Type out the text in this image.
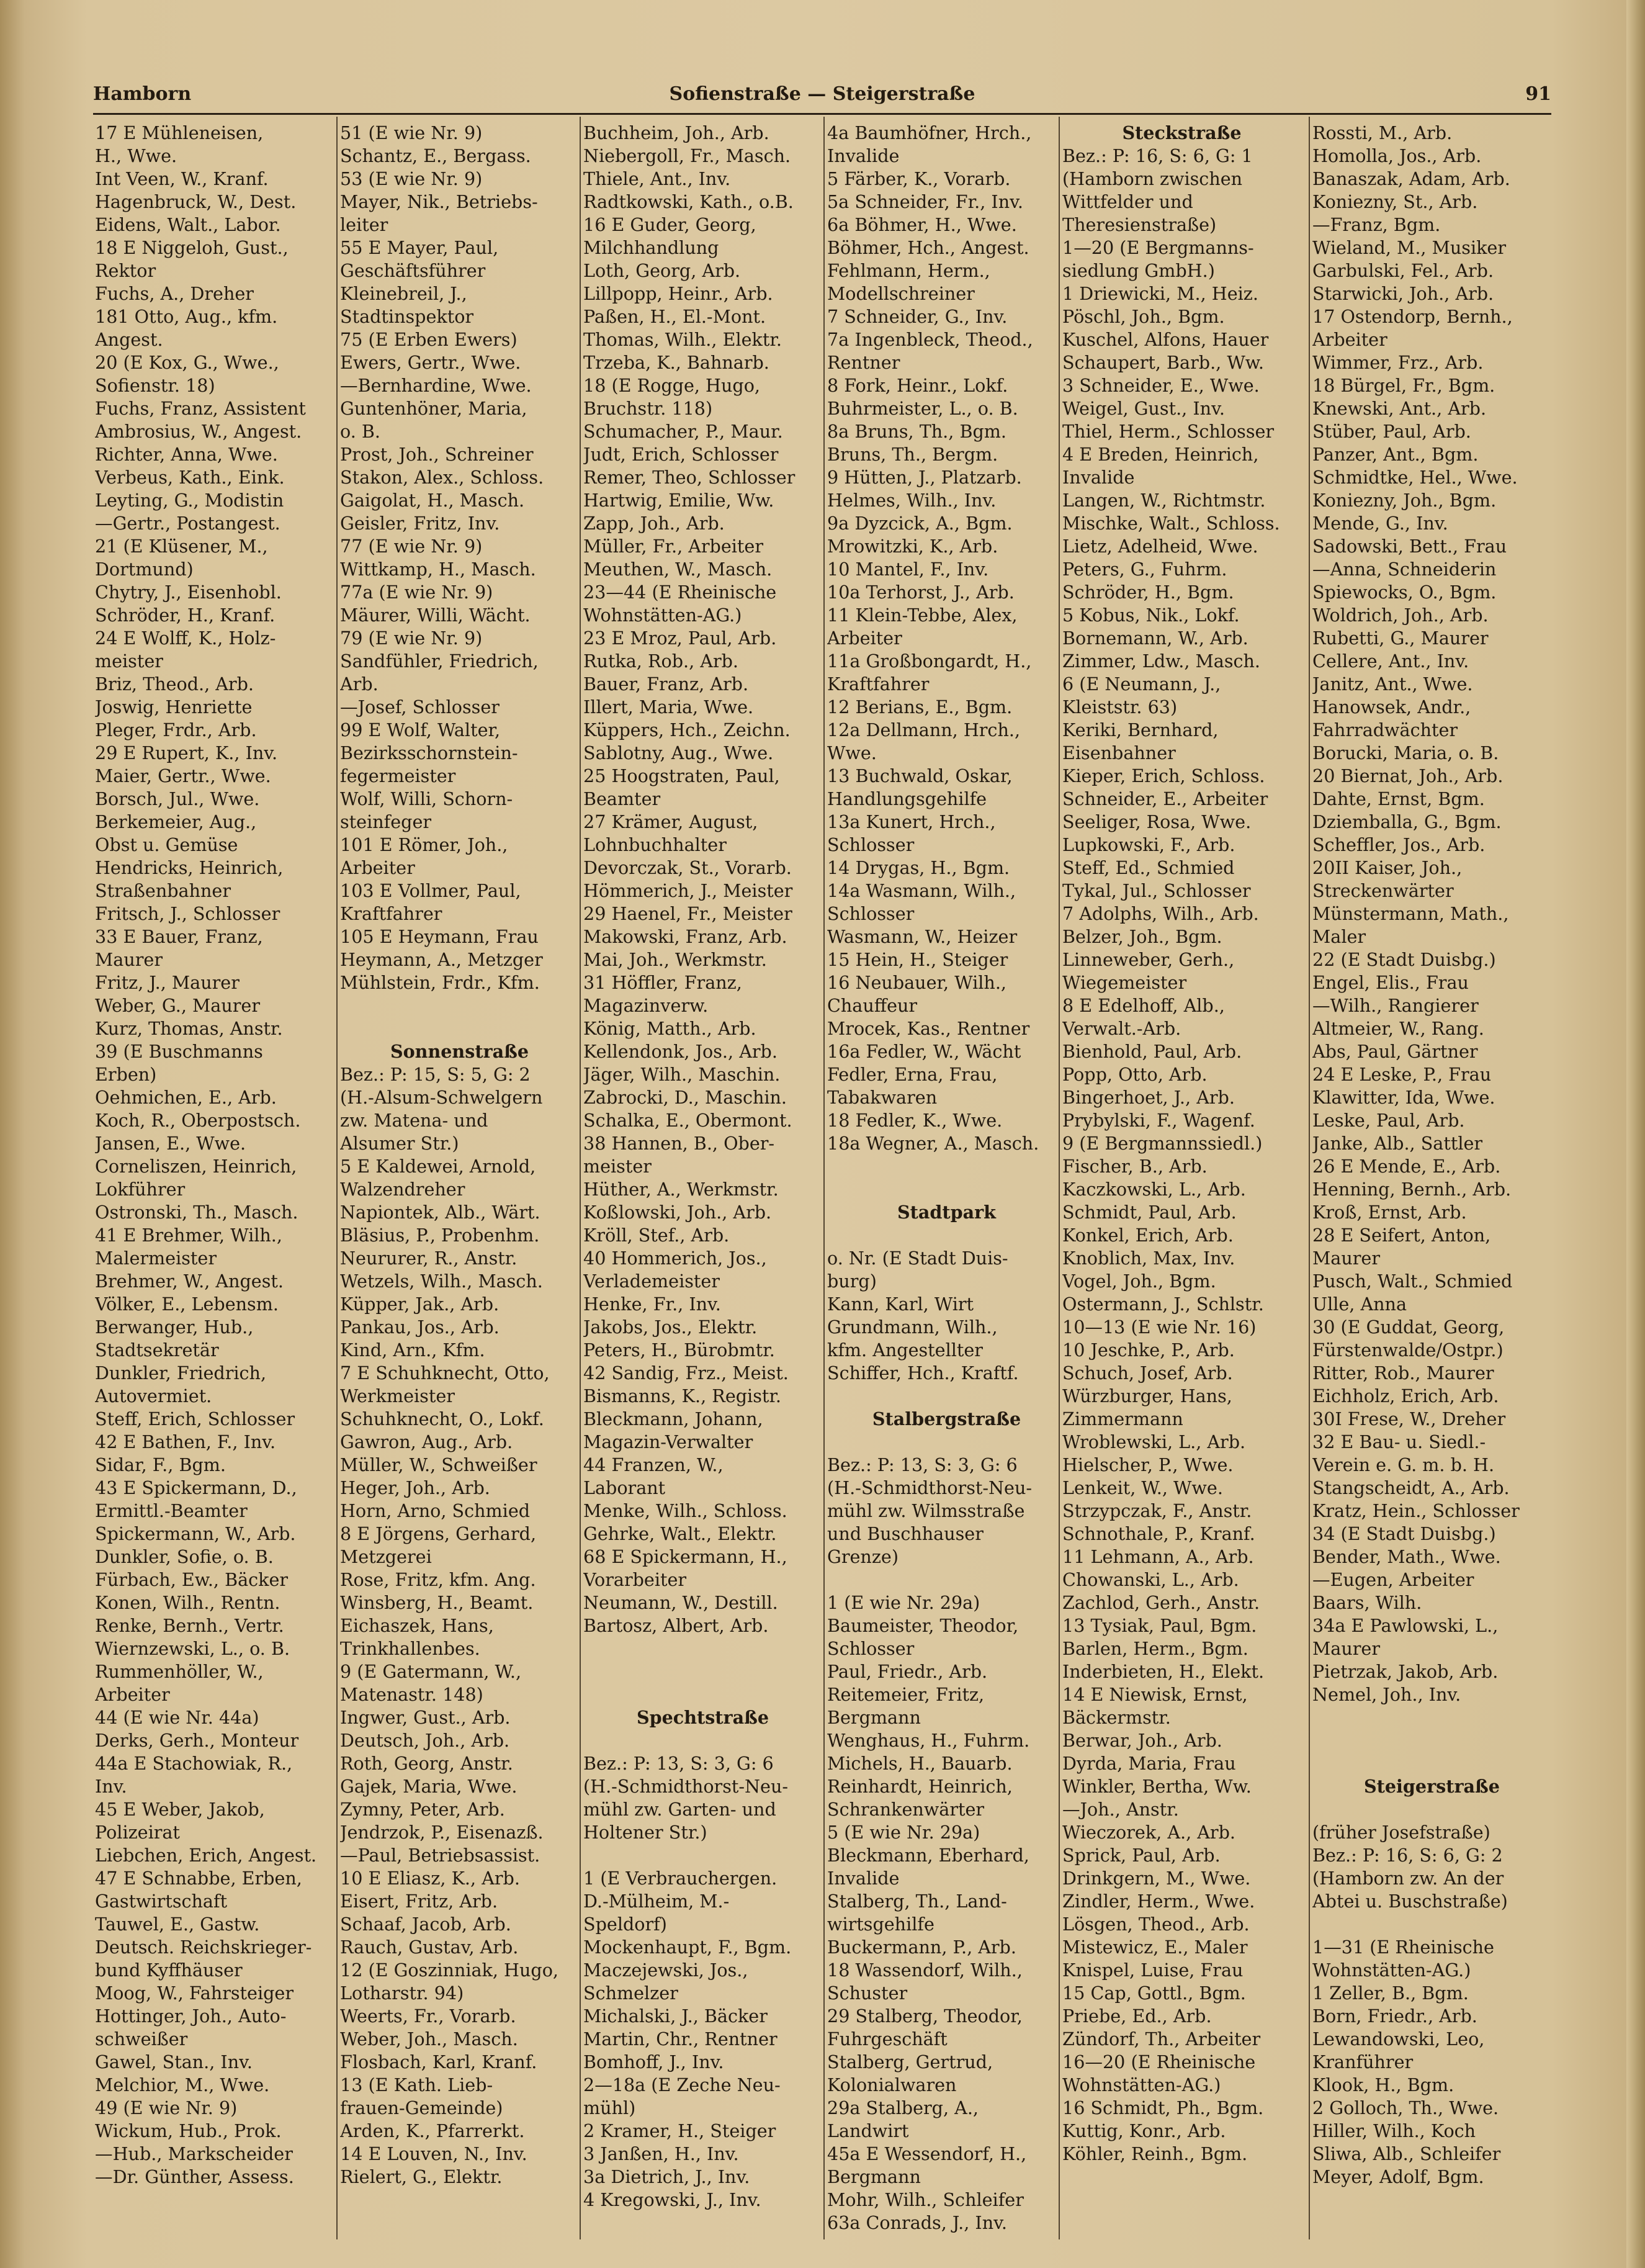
Hamborn	Sofienstraße — Steigerstraße	91
17 E Mühleneisen,
H., Wwe.
Int Veen, W., Kranf.
Hagenbruck, W., Dest.
Eidens, Walt., Labor.
18 E Niggeloh, Gust.,
Rektor
Fuchs, A., Dreher
181 Otto, Aug., kfm.
Angest.
20 (E Kox, G., Wwe.,
Sofienstr. 18)
Fuchs, Franz, Assistent
Ambrosius, W., Angest.
Richter, Anna, Wwe.
Verbeus, Kath., Eink.
Leyting, G., Modistin
—Gertr., Postangest.
21 (E Klüsener, M.,
Dortmund)
Chytry, J., Eisenhobl.
Schröder, H., Kranf.
24 E Wolff, K., Holz-
meister
Briz, Theod., Arb.
Joswig, Henriette
Pleger, Frdr., Arb.
29 E Rupert, K., Inv.
Maier, Gertr., Wwe.
Borsch, Jul., Wwe.
Berkemeier, Aug.,
Obst u. Gemüse
Hendricks, Heinrich,
Straßenbahner
Fritsch, J., Schlosser
33 E Bauer, Franz,
Maurer
Fritz, J., Maurer
Weber, G., Maurer
Kurz, Thomas, Anstr.
39 (E Buschmanns
Erben)
Oehmichen, E., Arb.
Koch, R., Oberpostsch.
Jansen, E., Wwe.
Corneliszen, Heinrich,
Lokführer
Ostronski, Th., Masch.
41 E Brehmer, Wilh.,
Malermeister
Brehmer, W., Angest.
Völker, E., Lebensm.
Berwanger, Hub.,
Stadtsekretär
Dunkler, Friedrich,
Autovermiet.
Steff, Erich, Schlosser
42 E Bathen, F., Inv.
Sidar, F., Bgm.
43 E Spickermann, D.,
Ermittl.-Beamter
Spickermann, W., Arb.
Dunkler, Sofie, o. B.
Fürbach, Ew., Bäcker
Konen, Wilh., Rentn.
Renke, Bernh., Vertr.
Wiernzewski, L., o. B.
Rummenhöller, W.,
Arbeiter
44 (E wie Nr. 44a)
Derks, Gerh., Monteur
44a E Stachowiak, R.,
Inv.
45 E Weber, Jakob,
Polizeirat
Liebchen, Erich, Angest.
47 E Schnabbe, Erben,
Gastwirtschaft
Tauwel, E., Gastw.
Deutsch. Reichskrieger-
bund Kyffhäuser
Moog, W., Fahrsteiger
Hottinger, Joh., Auto-
schweißer
Gawel, Stan., Inv.
Melchior, M., Wwe.
49 (E wie Nr. 9)
Wickum, Hub., Prok.
—Hub., Markscheider
—Dr. Günther, Assess.
51 (E wie Nr. 9)
Schantz, E., Bergass.
53 (E wie Nr. 9)
Mayer, Nik., Betriebs-
leiter
55 E Mayer, Paul,
Geschäftsführer
Kleinebreil, J.,
Stadtinspektor
75 (E Erben Ewers)
Ewers, Gertr., Wwe.
—Bernhardine, Wwe.
Guntenhöner, Maria,
o. B.
Prost, Joh., Schreiner
Stakon, Alex., Schloss.
Gaigolat, H., Masch.
Geisler, Fritz, Inv.
77 (E wie Nr. 9)
Wittkamp, H., Masch.
77a (E wie Nr. 9)
Mäurer, Willi, Wächt.
79 (E wie Nr. 9)
Sandfühler, Friedrich,
Arb.
—Josef, Schlosser
99 E Wolf, Walter,
Bezirksschornstein-
fegermeister
Wolf, Willi, Schorn-
steinfeger
101 E Römer, Joh.,
Arbeiter
103 E Vollmer, Paul,
Kraftfahrer
105 E Heymann, Frau
Heymann, A., Metzger
Mühlstein, Frdr., Kfm.
Sonnenstraße
Bez.: P: 15, S: 5, G: 2
(H.-Alsum-Schwelgern
zw. Matena- und
Alsumer Str.)
5 E Kaldewei, Arnold,
Walzendreher
Napiontek, Alb., Wärt.
Bläsius, P., Probenhm.
Neururer, R., Anstr.
Wetzels, Wilh., Masch.
Küpper, Jak., Arb.
Pankau, Jos., Arb.
Kind, Arn., Kfm.
7 E Schuhknecht, Otto,
Werkmeister
Schuhknecht, O., Lokf.
Gawron, Aug., Arb.
Müller, W., Schweißer
Heger, Joh., Arb.
Horn, Arno, Schmied
8 E Jörgens, Gerhard,
Metzgerei
Rose, Fritz, kfm. Ang.
Winsberg, H., Beamt.
Eichaszek, Hans,
Trinkhallenbes.
9 (E Gatermann, W.,
Matenastr. 148)
Ingwer, Gust., Arb.
Deutsch, Joh., Arb.
Roth, Georg, Anstr.
Gajek, Maria, Wwe.
Zymny, Peter, Arb.
Jendrzok, P., Eisenazß.
—Paul, Betriebsassist.
10 E Eliasz, K., Arb.
Eisert, Fritz, Arb.
Schaaf, Jacob, Arb.
Rauch, Gustav, Arb.
12 (E Goszinniak, Hugo,
Lotharstr. 94)
Weerts, Fr., Vorarb.
Weber, Joh., Masch.
Flosbach, Karl, Kranf.
13 (E Kath. Lieb-
frauen-Gemeinde)
Arden, K., Pfarrerkt.
14 E Louven, N., Inv.
Rielert, G., Elektr.
Buchheim, Joh., Arb.
Niebergoll, Fr., Masch.
Thiele, Ant., Inv.
Radtkowski, Kath., o.B.
16 E Guder, Georg,
Milchhandlung
Loth, Georg, Arb.
Lillpopp, Heinr., Arb.
Paßen, H., El.-Mont.
Thomas, Wilh., Elektr.
Trzeba, K., Bahnarb.
18 (E Rogge, Hugo,
Bruchstr. 118)
Schumacher, P., Maur.
Judt, Erich, Schlosser
Remer, Theo, Schlosser
Hartwig, Emilie, Ww.
Zapp, Joh., Arb.
Müller, Fr., Arbeiter
Meuthen, W., Masch.
23—44 (E Rheinische
Wohnstätten-AG.)
23 E Mroz, Paul, Arb.
Rutka, Rob., Arb.
Bauer, Franz, Arb.
Illert, Maria, Wwe.
Küppers, Hch., Zeichn.
Sablotny, Aug., Wwe.
25 Hoogstraten, Paul,
Beamter
27 Krämer, August,
Lohnbuchhalter
Devorczak, St., Vorarb.
Hömmerich, J., Meister
29 Haenel, Fr., Meister
Makowski, Franz, Arb.
Mai, Joh., Werkmstr.
31 Höffler, Franz,
Magazinverw.
König, Matth., Arb.
Kellendonk, Jos., Arb.
Jäger, Wilh., Maschin.
Zabrocki, D., Maschin.
Schalka, E., Obermont.
38 Hannen, B., Ober-
meister
Hüther, A., Werkmstr.
Koßlowski, Joh., Arb.
Kröll, Stef., Arb.
40 Hommerich, Jos.,
Verlademeister
Henke, Fr., Inv.
Jakobs, Jos., Elektr.
Peters, H., Bürobmtr.
42 Sandig, Frz., Meist.
Bismanns, K., Registr.
Bleckmann, Johann,
Magazin-Verwalter
44 Franzen, W.,
Laborant
Menke, Wilh., Schloss.
Gehrke, Walt., Elektr.
68 E Spickermann, H.,
Vorarbeiter
Neumann, W., Destill.
Bartosz, Albert, Arb.
Spechtstraße
Bez.: P: 13, S: 3, G: 6
(H.-Schmidthorst-Neu-
mühl zw. Garten- und
Holtener Str.)
1 (E Verbrauchergen.
D.-Mülheim, M.-
Speldorf)
Mockenhaupt, F., Bgm.
Maczejewski, Jos.,
Schmelzer
Michalski, J., Bäcker
Martin, Chr., Rentner
Bomhoff, J., Inv.
2—18a (E Zeche Neu-
mühl)
2 Kramer, H., Steiger
3 Janßen, H., Inv.
3a Dietrich, J., Inv.
4 Kregowski, J., Inv.
4a Baumhöfner, Hrch.,
Invalide
5 Färber, K., Vorarb.
5a Schneider, Fr., Inv.
6a Böhmer, H., Wwe.
Böhmer, Hch., Angest.
Fehlmann, Herm.,
Modellschreiner
7 Schneider, G., Inv.
7a Ingenbleck, Theod.,
Rentner
8 Fork, Heinr., Lokf.
Buhrmeister, L., o. B.
8a Bruns, Th., Bgm.
Bruns, Th., Bergm.
9 Hütten, J., Platzarb.
Helmes, Wilh., Inv.
9a Dyzcick, A., Bgm.
Mrowitzki, K., Arb.
10 Mantel, F., Inv.
10a Terhorst, J., Arb.
11 Klein-Tebbe, Alex,
Arbeiter
11a Großbongardt, H.,
Kraftfahrer
12 Berians, E., Bgm.
12a Dellmann, Hrch.,
Wwe.
13 Buchwald, Oskar,
Handlungsgehilfe
13a Kunert, Hrch.,
Schlosser
14 Drygas, H., Bgm.
14a Wasmann, Wilh.,
Schlosser
Wasmann, W., Heizer
15 Hein, H., Steiger
16 Neubauer, Wilh.,
Chauffeur
Mrocek, Kas., Rentner
16a Fedler, W., Wächt
Fedler, Erna, Frau,
Tabakwaren
18 Fedler, K., Wwe.
18a Wegner, A., Masch.
Stadtpark
o. Nr. (E Stadt Duis-
burg)
Kann, Karl, Wirt
Grundmann, Wilh.,
kfm. Angestellter
Schiffer, Hch., Kraftf.
Stalbergstraße
Bez.: P: 13, S: 3, G: 6
(H.-Schmidthorst-Neu-
mühl zw. Wilmsstraße
und Buschhauser
Grenze)
1 (E wie Nr. 29a)
Baumeister, Theodor,
Schlosser
Paul, Friedr., Arb.
Reitemeier, Fritz,
Bergmann
Wenghaus, H., Fuhrm.
Michels, H., Bauarb.
Reinhardt, Heinrich,
Schrankenwärter
5 (E wie Nr. 29a)
Bleckmann, Eberhard,
Invalide
Stalberg, Th., Land-
wirtsgehilfe
Buckermann, P., Arb.
18 Wassendorf, Wilh.,
Schuster
29 Stalberg, Theodor,
Fuhrgeschäft
Stalberg, Gertrud,
Kolonialwaren
29a Stalberg, A.,
Landwirt
45a E Wessendorf, H.,
Bergmann
Mohr, Wilh., Schleifer
63a Conrads, J., Inv.
Steckstraße
Bez.: P: 16, S: 6, G: 1
(Hamborn zwischen
Wittfelder und
Theresienstraße)
1—20 (E Bergmanns-
siedlung GmbH.)
1 Driewicki, M., Heiz.
Pöschl, Joh., Bgm.
Kuschel, Alfons, Hauer
Schaupert, Barb., Ww.
3 Schneider, E., Wwe.
Weigel, Gust., Inv.
Thiel, Herm., Schlosser
4 E Breden, Heinrich,
Invalide
Langen, W., Richtmstr.
Mischke, Walt., Schloss.
Lietz, Adelheid, Wwe.
Peters, G., Fuhrm.
Schröder, H., Bgm.
5 Kobus, Nik., Lokf.
Bornemann, W., Arb.
Zimmer, Ldw., Masch.
6 (E Neumann, J.,
Kleiststr. 63)
Keriki, Bernhard,
Eisenbahner
Kieper, Erich, Schloss.
Schneider, E., Arbeiter
Seeliger, Rosa, Wwe.
Lupkowski, F., Arb.
Steff, Ed., Schmied
Tykal, Jul., Schlosser
7 Adolphs, Wilh., Arb.
Belzer, Joh., Bgm.
Linneweber, Gerh.,
Wiegemeister
8 E Edelhoff, Alb.,
Verwalt.-Arb.
Bienhold, Paul, Arb.
Popp, Otto, Arb.
Bingerhoet, J., Arb.
Prybylski, F., Wagenf.
9 (E Bergmannssiedl.)
Fischer, B., Arb.
Kaczkowski, L., Arb.
Schmidt, Paul, Arb.
Konkel, Erich, Arb.
Knoblich, Max, Inv.
Vogel, Joh., Bgm.
Ostermann, J., Schlstr.
10—13 (E wie Nr. 16)
10 Jeschke, P., Arb.
Schuch, Josef, Arb.
Würzburger, Hans,
Zimmermann
Wroblewski, L., Arb.
Hielscher, P., Wwe.
Lenkeit, W., Wwe.
Strzypczak, F., Anstr.
Schnothale, P., Kranf.
11 Lehmann, A., Arb.
Chowanski, L., Arb.
Zachlod, Gerh., Anstr.
13 Tysiak, Paul, Bgm.
Barlen, Herm., Bgm.
Inderbieten, H., Elekt.
14 E Niewisk, Ernst,
Bäckermstr.
Berwar, Joh., Arb.
Dyrda, Maria, Frau
Winkler, Bertha, Ww.
—Joh., Anstr.
Wieczorek, A., Arb.
Sprick, Paul, Arb.
Drinkgern, M., Wwe.
Zindler, Herm., Wwe.
Lösgen, Theod., Arb.
Mistewicz, E., Maler
Knispel, Luise, Frau
15 Cap, Gottl., Bgm.
Priebe, Ed., Arb.
Zündorf, Th., Arbeiter
16—20 (E Rheinische
Wohnstätten-AG.)
16 Schmidt, Ph., Bgm.
Kuttig, Konr., Arb.
Köhler, Reinh., Bgm.
Rossti, M., Arb.
Homolla, Jos., Arb.
Banaszak, Adam, Arb.
Koniezny, St., Arb.
—Franz, Bgm.
Wieland, M., Musiker
Garbulski, Fel., Arb.
Starwicki, Joh., Arb.
17 Ostendorp, Bernh.,
Arbeiter
Wimmer, Frz., Arb.
18 Bürgel, Fr., Bgm.
Knewski, Ant., Arb.
Stüber, Paul, Arb.
Panzer, Ant., Bgm.
Schmidtke, Hel., Wwe.
Koniezny, Joh., Bgm.
Mende, G., Inv.
Sadowski, Bett., Frau
—Anna, Schneiderin
Spiewocks, O., Bgm.
Woldrich, Joh., Arb.
Rubetti, G., Maurer
Cellere, Ant., Inv.
Janitz, Ant., Wwe.
Hanowsek, Andr.,
Fahrradwächter
Borucki, Maria, o. B.
20 Biernat, Joh., Arb.
Dahte, Ernst, Bgm.
Dziemballa, G., Bgm.
Scheffler, Jos., Arb.
20II Kaiser, Joh.,
Streckenwärter
Münstermann, Math.,
Maler
22 (E Stadt Duisbg.)
Engel, Elis., Frau
—Wilh., Rangierer
Altmeier, W., Rang.
Abs, Paul, Gärtner
24 E Leske, P., Frau
Klawitter, Ida, Wwe.
Leske, Paul, Arb.
Janke, Alb., Sattler
26 E Mende, E., Arb.
Henning, Bernh., Arb.
Kroß, Ernst, Arb.
28 E Seifert, Anton,
Maurer
Pusch, Walt., Schmied
Ulle, Anna
30 (E Guddat, Georg,
Fürstenwalde/Ostpr.)
Ritter, Rob., Maurer
Eichholz, Erich, Arb.
30I Frese, W., Dreher
32 E Bau- u. Siedl.-
Verein e. G. m. b. H.
Stangscheidt, A., Arb.
Kratz, Hein., Schlosser
34 (E Stadt Duisbg.)
Bender, Math., Wwe.
—Eugen, Arbeiter
Baars, Wilh.
34a E Pawlowski, L.,
Maurer
Pietrzak, Jakob, Arb.
Nemel, Joh., Inv.
Steigerstraße
(früher Josefstraße)
Bez.: P: 16, S: 6, G: 2
(Hamborn zw. An der
Abtei u. Buschstraße)
1—31 (E Rheinische
Wohnstätten-AG.)
1 Zeller, B., Bgm.
Born, Friedr., Arb.
Lewandowski, Leo,
Kranführer
Klook, H., Bgm.
2 Golloch, Th., Wwe.
Hiller, Wilh., Koch
Sliwa, Alb., Schleifer
Meyer, Adolf, Bgm.
